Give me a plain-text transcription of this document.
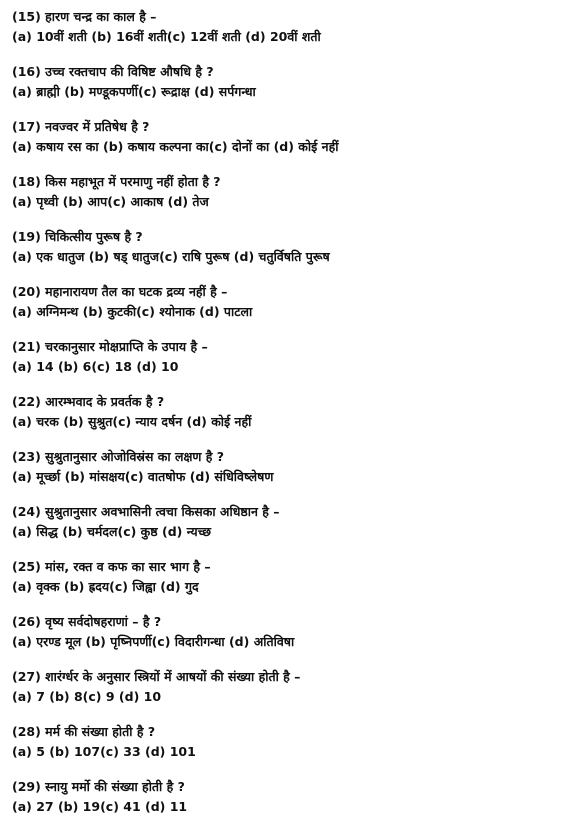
(15) हारण चन्द्र का काल है –
(a) 10वीं शती (b) 16वीं शती(c) 12वीं शती (d) 20वीं शती
(16) उच्च रक्तचाप की विषिष्ट औषधि है ?
(a) ब्राह्मी (b) मण्डूकपर्णी(c) रूद्राक्ष (d) सर्पगन्धा
(17) नवज्वर में प्रतिषेध है ?
(a) कषाय रस का (b) कषाय कल्पना का(c) दोनों का (d) कोई नहीं
(18) किस महाभूत में परमाणु नहीं होता है ?
(a) पृथ्वी (b) आप(c) आकाष (d) तेज
(19) चिकित्सीय पुरूष है ?
(a) एक धातुज (b) षड् धातुज(c) राषि पुरूष (d) चतुर्विषति पुरूष
(20) महानारायण तैल का घटक द्रव्य नहीं है –
(a) अग्निमन्थ (b) कुटकी(c) श्योनाक (d) पाटला
(21) चरकानुसार मोक्षप्राप्ति के उपाय है –
(a) 14 (b) 6(c) 18 (d) 10
(22) आरम्भवाद के प्रवर्तक है ?
(a) चरक (b) सुश्रुत(c) न्याय दर्षन (d) कोई नहीं
(23) सुश्रुतानुसार ओजोविस्रंस का लक्षण है ?
(a) मूर्च्छा (b) मांसक्षय(c) वातषोफ (d) संधिविष्लेषण
(24) सुश्रुतानुसार अवभासिनी त्वचा किसका अधिष्ठान है –
(a) सिद्ध (b) चर्मदल(c) कुष्ठ (d) न्यच्छ
(25) मांस, रक्त व कफ का सार भाग है –
(a) वृक्क (b) ह्रदय(c) जिह्वा (d) गुद
(26) वृष्य सर्वदोषहराणां – है ?
(a) एरण्ड मूल (b) पृष्निपर्णी(c) विदारीगन्धा (d) अतिविषा
(27) शारंर्ग्धर के अनुसार स्त्रियों में आषयों की संख्या होती है –
(a) 7 (b) 8(c) 9 (d) 10
(28) मर्म की संख्या होती है ?
(a) 5 (b) 107(c) 33 (d) 101
(29) स्नायु मर्मो की संख्या होती है ?
(a) 27 (b) 19(c) 41 (d) 11
